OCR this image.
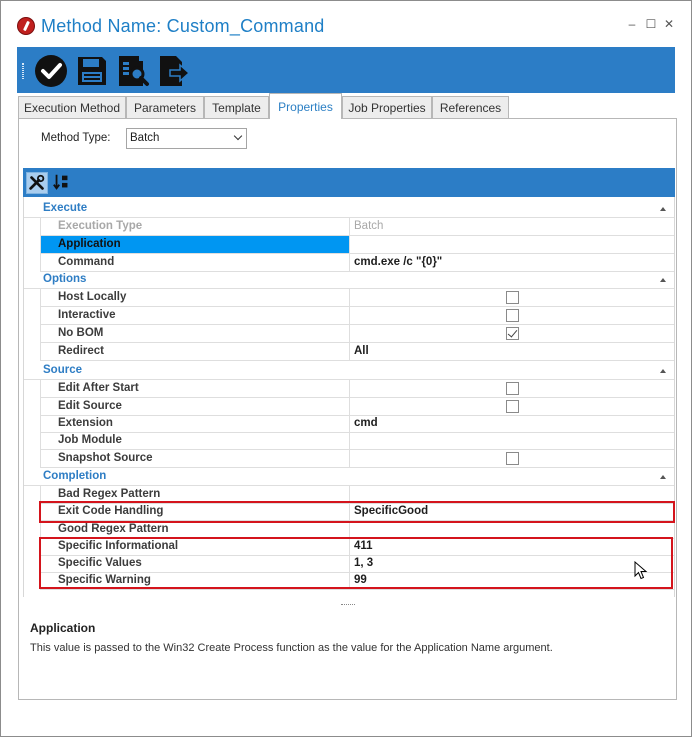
Method Name: Custom_Command	– ☐ ✕
Execution Method	Parameters	Template	Properties	Job Properties	References
Method Type:	Batch
Execute
Execution Type	Batch
Application
Command	cmd.exe /c "{0}"
Options
Host Locally
Interactive
No BOM
Redirect	All
Source
Edit After Start
Edit Source
Extension	cmd
Job Module
Snapshot Source
Completion
Bad Regex Pattern
Exit Code Handling	SpecificGood
Good Regex Pattern
Specific Informational	411
Specific Values	1, 3
Specific Warning	99
Application
This value is passed to the Win32 Create Process function as the value for the Application Name argument.
